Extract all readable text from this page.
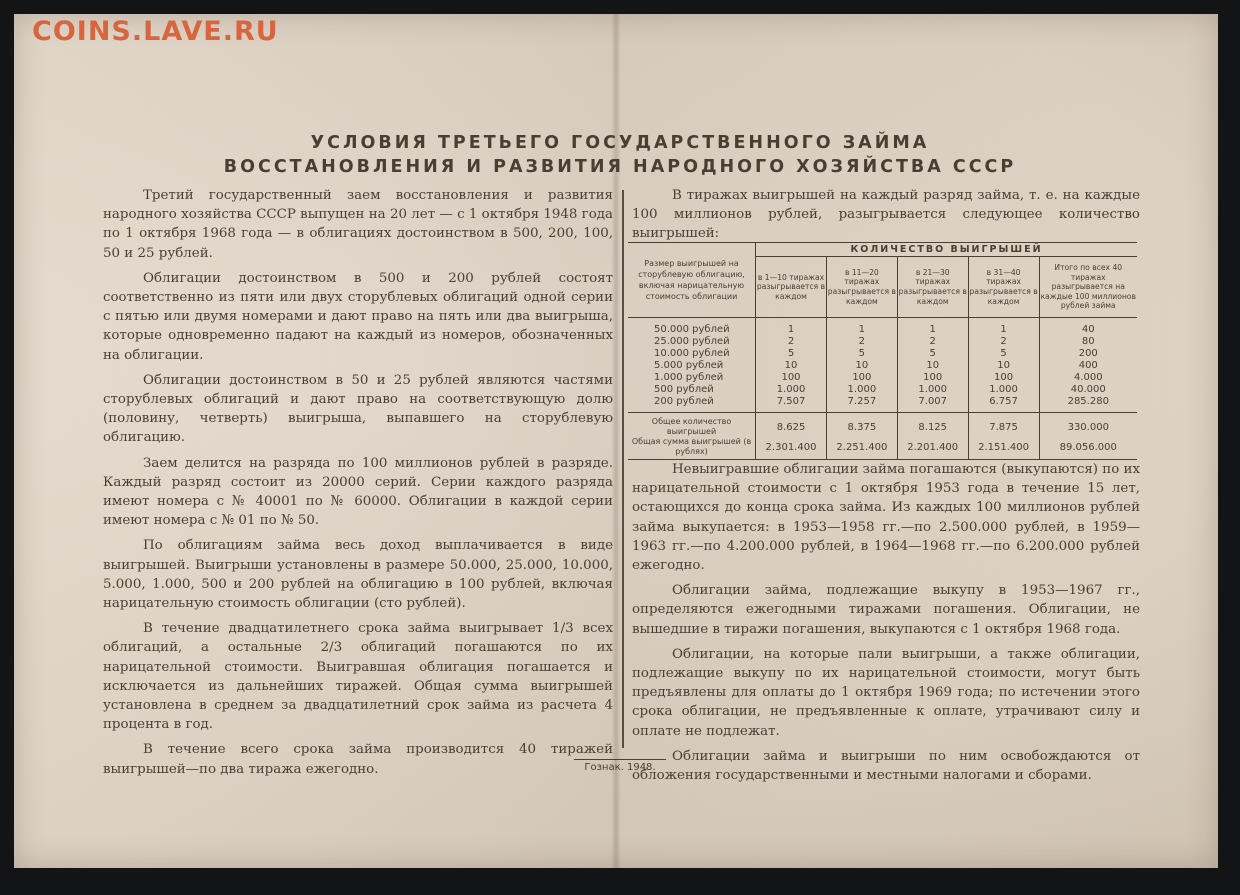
COINS.LAVE.RU
УСЛОВИЯ ТРЕТЬЕГО ГОСУДАРСТВЕННОГО ЗАЙМА
ВОССТАНОВЛЕНИЯ И РАЗВИТИЯ НАРОДНОГО ХОЗЯЙСТВА СССР

Третий государственный заем восстановления и развития народного хозяйства СССР выпущен на 20 лет — с 1 октября 1948 года по 1 октября 1968 года — в облигациях достоинством в 500, 200, 100, 50 и 25 рублей.

Облигации достоинством в 500 и 200 рублей состоят соответственно из пяти или двух сторублевых облигаций одной серии с пятью или двумя номерами и дают право на пять или два выигрыша, которые одновременно падают на каждый из номеров, обозначенных на облигации.

Облигации достоинством в 50 и 25 рублей являются частями сторублевых облигаций и дают право на соответствующую долю (половину, четверть) выигрыша, выпавшего на сторублевую облигацию.

Заем делится на разряда по 100 миллионов рублей в разряде. Каждый разряд состоит из 20000 серий. Серии каждого разряда имеют номера с № 40001 по № 60000. Облигации в каждой серии имеют номера с № 01 по № 50.

По облигациям займа весь доход выплачивается в виде выигрышей. Выигрыши установлены в размере 50.000, 25.000, 10.000, 5.000, 1.000, 500 и 200 рублей на облигацию в 100 рублей, включая нарицательную стоимость облигации (сто рублей).

В течение двадцатилетнего срока займа выигрывает 1/3 всех облигаций, а остальные 2/3 облигаций погашаются по их нарицательной стоимости. Выигравшая облигация погашается и исключается из дальнейших тиражей. Общая сумма выигрышей установлена в среднем за двадцатилетний срок займа из расчета 4 процента в год.

В течение всего срока займа производится 40 тиражей выигрышей—по два тиража ежегодно.

В тиражах выигрышей на каждый разряд займа, т. е. на каждые 100 миллионов рублей, разыгрывается следующее количество выигрышей:

Размер выигрышей на сторублевую облигацию, включая нарицательную стоимость облигации	КОЛИЧЕСТВО ВЫИГРЫШЕЙ				
	в 1—10 тиражах разыгрывается в каждом	в 11—20 тиражах разыгрывается в каждом	в 21—30 тиражах разыгрывается в каждом	в 31—40 тиражах разыгрывается в каждом	Итого по всех 40 тиражах разыгрывается на каждые 100 миллионов рублей займа
50.000 рублей	1	1	1	1	40
25.000 рублей	2	2	2	2	80
10.000 рублей	5	5	5	5	200
5.000 рублей	10	10	10	10	400
1.000 рублей	100	100	100	100	4.000
500 рублей	1.000	1.000	1.000	1.000	40.000
200 рублей	7.507	7.257	7.007	6.757	285.280
Общее количество выигрышей	8.625	8.375	8.125	7.875	330.000
Общая сумма выигрышей (в рублях)	2.301.400	2.251.400	2.201.400	2.151.400	89.056.000

Невыигравшие облигации займа погашаются (выкупаются) по их нарицательной стоимости с 1 октября 1953 года в течение 15 лет, остающихся до конца срока займа. Из каждых 100 миллионов рублей займа выкупается: в 1953—1958 гг.—по 2.500.000 рублей, в 1959—1963 гг.—по 4.200.000 рублей, в 1964—1968 гг.—по 6.200.000 рублей ежегодно.

Облигации займа, подлежащие выкупу в 1953—1967 гг., определяются ежегодными тиражами погашения. Облигации, не вышедшие в тиражи погашения, выкупаются с 1 октября 1968 года.

Облигации, на которые пали выигрыши, а также облигации, подлежащие выкупу по их нарицательной стоимости, могут быть предъявлены для оплаты до 1 октября 1969 года; по истечении этого срока облигации, не предъявленные к оплате, утрачивают силу и оплате не подлежат.

Облигации займа и выигрыши по ним освобождаются от обложения государственными и местными налогами и сборами.

Гознак. 1948.
